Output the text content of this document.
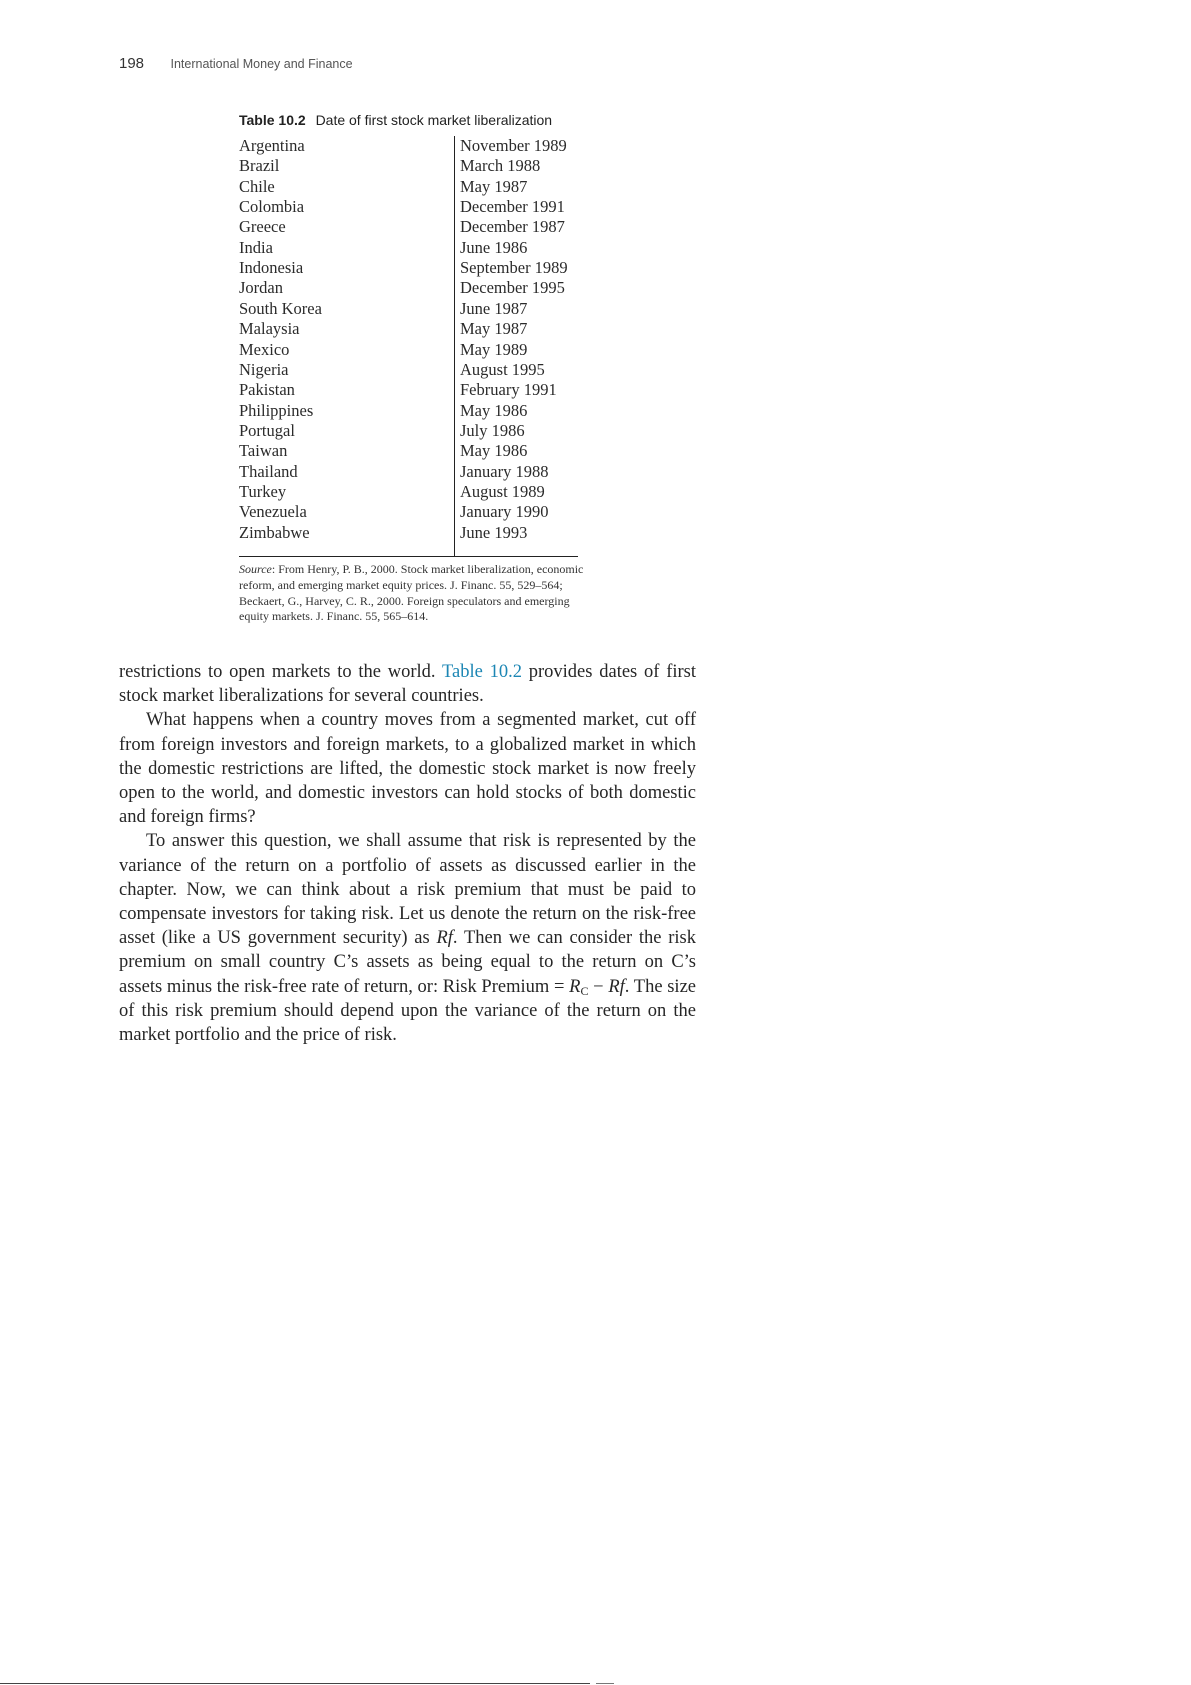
198 International Money and Finance
Table 10.2 Date of first stock market liberalization
Argentina	November 1989
Brazil	March 1988
Chile	May 1987
Colombia	December 1991
Greece	December 1987
India	June 1986
Indonesia	September 1989
Jordan	December 1995
South Korea	June 1987
Malaysia	May 1987
Mexico	May 1989
Nigeria	August 1995
Pakistan	February 1991
Philippines	May 1986
Portugal	July 1986
Taiwan	May 1986
Thailand	January 1988
Turkey	August 1989
Venezuela	January 1990
Zimbabwe	June 1993
Source: From Henry, P. B., 2000. Stock market liberalization, economic reform, and emerging market equity prices. J. Financ. 55, 529–564; Beckaert, G., Harvey, C. R., 2000. Foreign speculators and emerging equity markets. J. Financ. 55, 565–614.

restrictions to open markets to the world. Table 10.2 provides dates of first stock market liberalizations for several countries.

What happens when a country moves from a segmented market, cut off from foreign investors and foreign markets, to a globalized market in which the domestic restrictions are lifted, the domestic stock market is now freely open to the world, and domestic investors can hold stocks of both domestic and foreign firms?

To answer this question, we shall assume that risk is represented by the variance of the return on a portfolio of assets as discussed earlier in the chapter. Now, we can think about a risk premium that must be paid to compensate investors for taking risk. Let us denote the return on the risk-free asset (like a US government security) as Rf. Then we can consider the risk premium on small country C’s assets as being equal to the return on C’s assets minus the risk-free rate of return, or: Risk Premium = $R_C - Rf$. The size of this risk premium should depend upon the variance of the return on the market portfolio and the price of risk.
